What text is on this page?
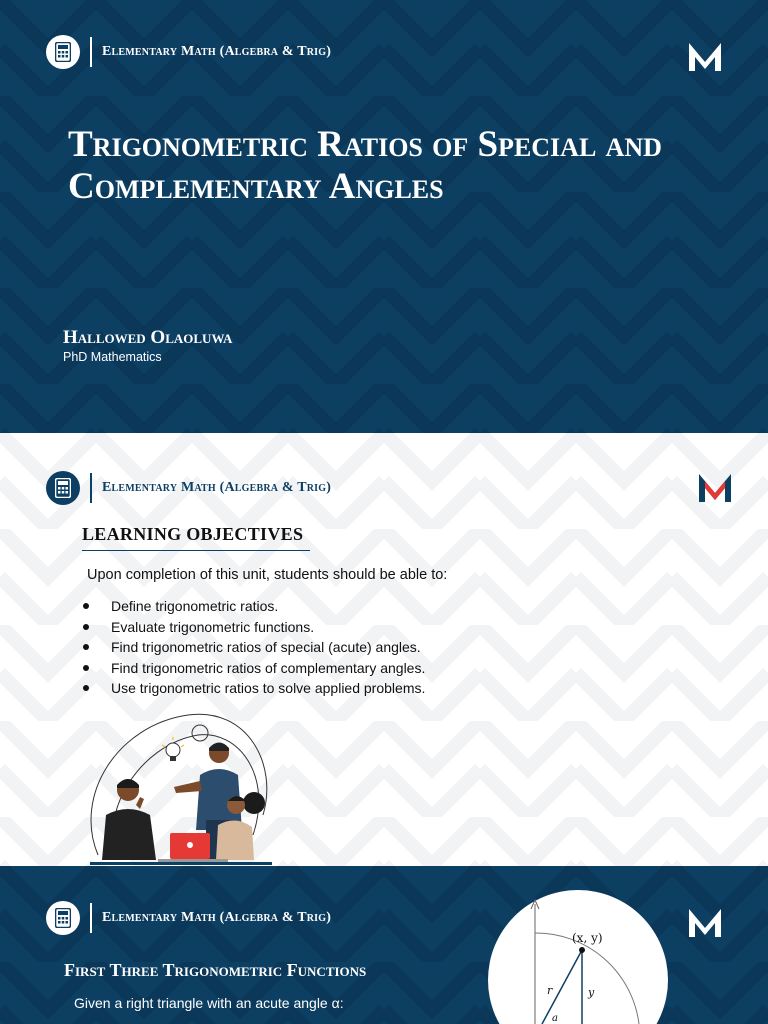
Elementary Math (Algebra & Trig)
Trigonometric Ratios of Special and Complementary Angles
Hallowed Olaoluwa
PhD Mathematics
Elementary Math (Algebra & Trig)
LEARNING OBJECTIVES

Upon completion of this unit, students should be able to:

Define trigonometric ratios.
Evaluate trigonometric functions.
Find trigonometric ratios of special (acute) angles.
Find trigonometric ratios of complementary angles.
Use trigonometric ratios to solve applied problems.
Elementary Math (Algebra & Trig)
First Three Trigonometric Functions

Given a right triangle with an acute angle α:

(x, y)
r	y
a
